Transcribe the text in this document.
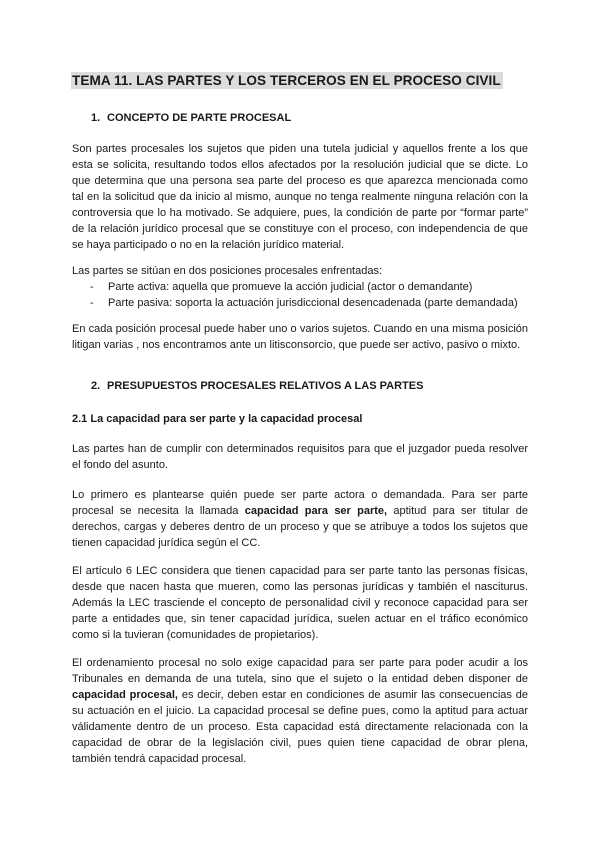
TEMA 11. LAS PARTES Y LOS TERCEROS EN EL PROCESO CIVIL
1. CONCEPTO DE PARTE PROCESAL

Son partes procesales los sujetos que piden una tutela judicial y aquellos frente a los que esta se solicita, resultando todos ellos afectados por la resolución judicial que se dicte. Lo que determina que una persona sea parte del proceso es que aparezca mencionada como tal en la solicitud que da inicio al mismo, aunque no tenga realmente ninguna relación con la controversia que lo ha motivado. Se adquiere, pues, la condición de parte por “formar parte” de la relación jurídico procesal que se constituye con el proceso, con independencia de que se haya participado o no en la relación jurídico material.

Las partes se sitúan en dos posiciones procesales enfrentadas:

- Parte activa: aquella que promueve la acción judicial (actor o demandante)
- Parte pasiva: soporta la actuación jurisdiccional desencadenada (parte demandada)

En cada posición procesal puede haber uno o varios sujetos. Cuando en una misma posición litigan varias , nos encontramos ante un litisconsorcio, que puede ser activo, pasivo o mixto.

2. PRESUPUESTOS PROCESALES RELATIVOS A LAS PARTES
2.1 La capacidad para ser parte y la capacidad procesal

Las partes han de cumplir con determinados requisitos para que el juzgador pueda resolver el fondo del asunto.

Lo primero es plantearse quién puede ser parte actora o demandada. Para ser parte procesal se necesita la llamada capacidad para ser parte, aptitud para ser titular de derechos, cargas y deberes dentro de un proceso y que se atribuye a todos los sujetos que tienen capacidad jurídica según el CC.

El artículo 6 LEC considera que tienen capacidad para ser parte tanto las personas físicas, desde que nacen hasta que mueren, como las personas jurídicas y también el nasciturus. Además la LEC trasciende el concepto de personalidad civil y reconoce capacidad para ser parte a entidades que, sin tener capacidad jurídica, suelen actuar en el tráfico económico como si la tuvieran (comunidades de propietarios).

El ordenamiento procesal no solo exige capacidad para ser parte para poder acudir a los Tribunales en demanda de una tutela, sino que el sujeto o la entidad deben disponer de capacidad procesal, es decir, deben estar en condiciones de asumir las consecuencias de su actuación en el juicio. La capacidad procesal se define pues, como la aptitud para actuar válidamente dentro de un proceso. Esta capacidad está directamente relacionada con la capacidad de obrar de la legislación civil, pues quien tiene capacidad de obrar plena, también tendrá capacidad procesal.
